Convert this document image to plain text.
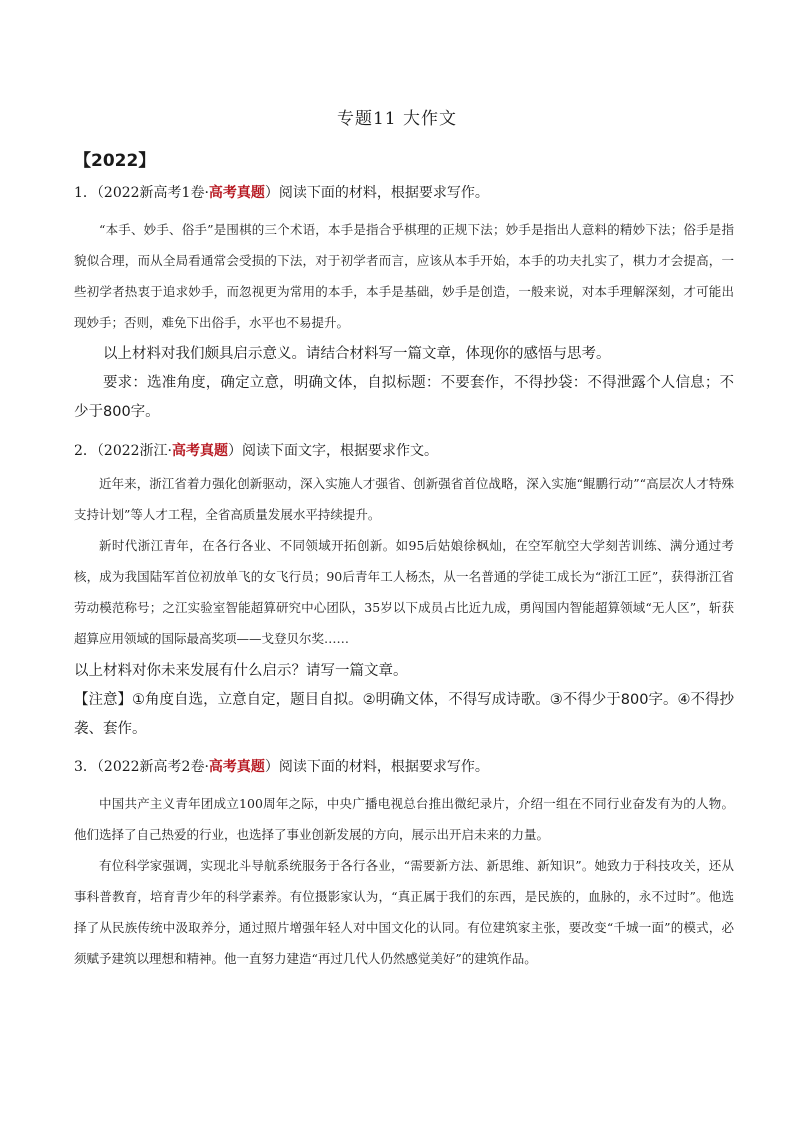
专题11 大作文
【2022】
1．（2022新高考1卷·高考真题）阅读下面的材料，根据要求写作。

“本手、妙手、俗手”是围棋的三个术语，本手是指合乎棋理的正规下法；妙手是指出人意料的精妙下法；俗手是指貌似合理，而从全局看通常会受损的下法，对于初学者而言，应该从本手开始，本手的功夫扎实了，棋力才会提高，一些初学者热衷于追求妙手，而忽视更为常用的本手，本手是基础，妙手是创造，一般来说，对本手理解深刻，才可能出现妙手；否则，难免下出俗手，水平也不易提升。

以上材料对我们颇具启示意义。请结合材料写一篇文章，体现你的感悟与思考。

要求：选准角度，确定立意，明确文体，自拟标题：不要套作，不得抄袋：不得泄露个人信息；不少于800字。

2．（2022浙江·高考真题）阅读下面文字，根据要求作文。

近年来，浙江省着力强化创新驱动，深入实施人才强省、创新强省首位战略，深入实施“鲲鹏行动”“高层次人才特殊支持计划”等人才工程，全省高质量发展水平持续提升。

新时代浙江青年，在各行各业、不同领域开拓创新。如95后姑娘徐枫灿，在空军航空大学刻苦训练、满分通过考核，成为我国陆军首位初放单飞的女飞行员；90后青年工人杨杰，从一名普通的学徒工成长为“浙江工匠”，获得浙江省劳动模范称号；之江实验室智能超算研究中心团队，35岁以下成员占比近九成，勇闯国内智能超算领域“无人区”，斩获超算应用领域的国际最高奖项——戈登贝尔奖……

以上材料对你未来发展有什么启示？请写一篇文章。

【注意】①角度自选，立意自定，题目自拟。②明确文体，不得写成诗歌。③不得少于800字。④不得抄袭、套作。

3．（2022新高考2卷·高考真题）阅读下面的材料，根据要求写作。

中国共产主义青年团成立100周年之际，中央广播电视总台推出微纪录片，介绍一组在不同行业奋发有为的人物。他们选择了自己热爱的行业，也选择了事业创新发展的方向，展示出开启未来的力量。

有位科学家强调，实现北斗导航系统服务于各行各业，“需要新方法、新思维、新知识”。她致力于科技攻关，还从事科普教育，培育青少年的科学素养。有位摄影家认为，“真正属于我们的东西，是民族的，血脉的，永不过时”。他选择了从民族传统中汲取养分，通过照片增强年轻人对中国文化的认同。有位建筑家主张，要改变“千城一面”的模式，必须赋予建筑以理想和精神。他一直努力建造“再过几代人仍然感觉美好”的建筑作品。
